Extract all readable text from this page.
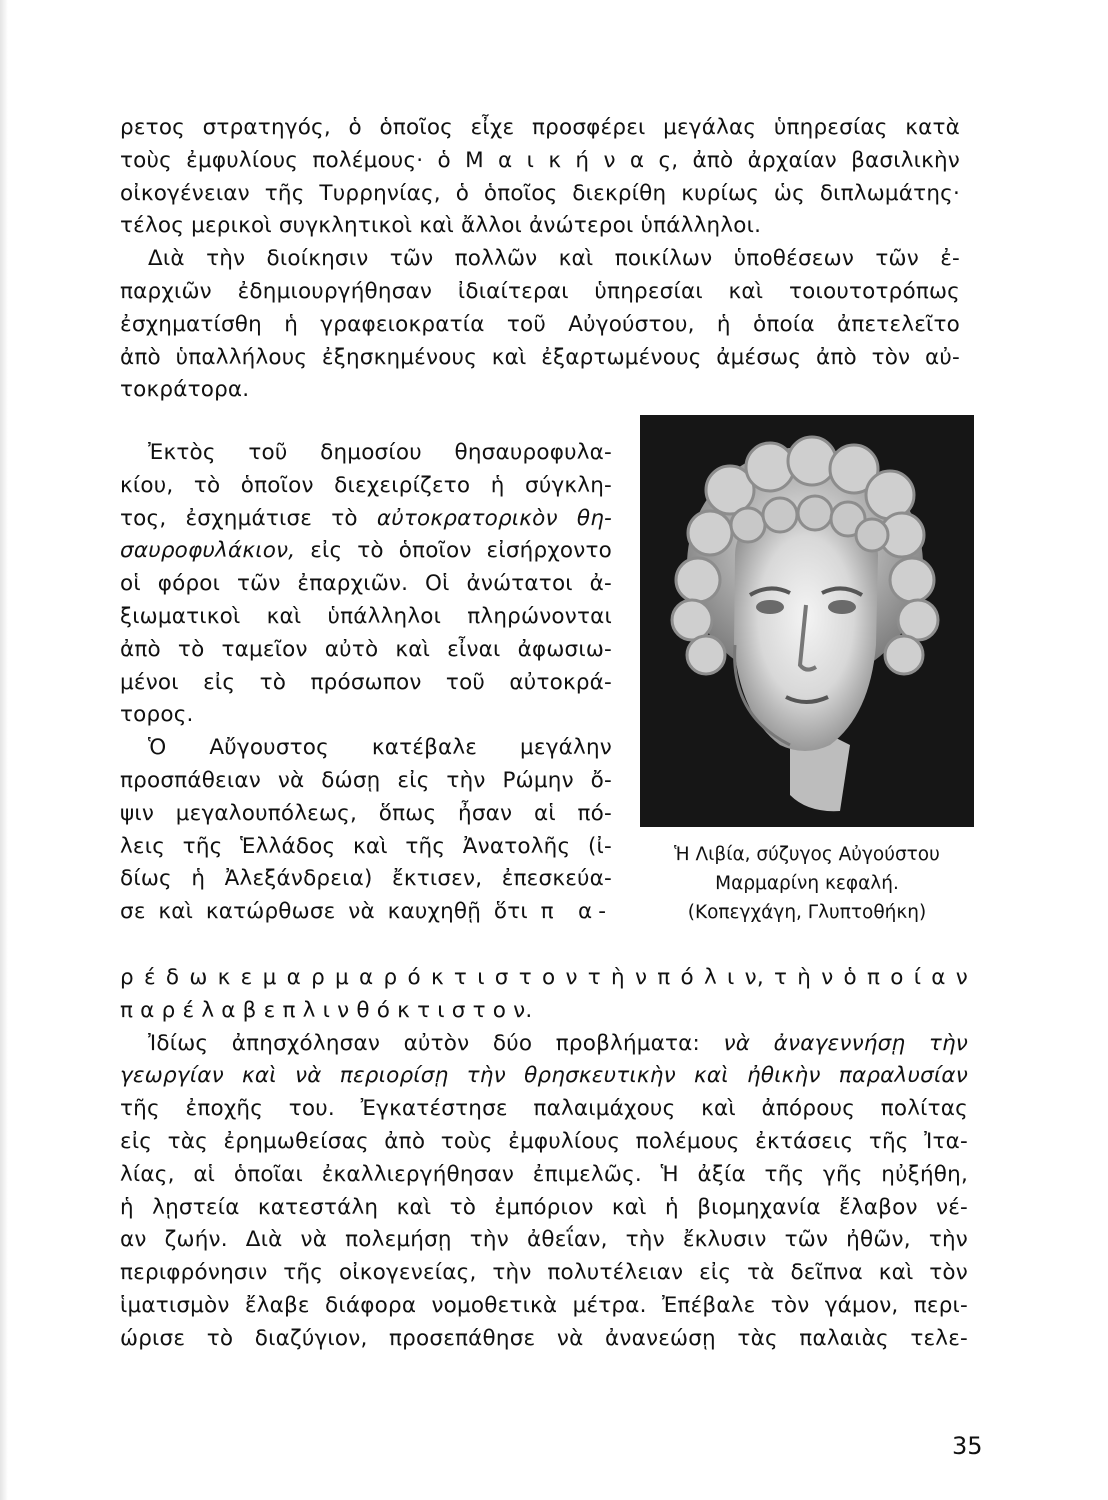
ρετος στρατηγός, ὁ ὁποῖος εἶχε προσφέρει μεγάλας ὑπηρεσίας κατὰ
τοὺς ἐμφυλίους πολέμους· ὁ Μ α ι κ ή ν α ς, ἀπὸ ἀρχαίαν βασιλικὴν
οἰκογένειαν τῆς Τυρρηνίας, ὁ ὁποῖος διεκρίθη κυρίως ὡς διπλωμάτης·
τέλος μερικοὶ συγκλητικοὶ καὶ ἄλλοι ἀνώτεροι ὑπάλληλοι.
Διὰ τὴν διοίκησιν τῶν πολλῶν καὶ ποικίλων ὑποθέσεων τῶν ἐ-
παρχιῶν ἐδημιουργήθησαν ἰδιαίτεραι ὑπηρεσίαι καὶ τοιουτοτρόπως
ἐσχηματίσθη ἡ γραφειοκρατία τοῦ Αὐγούστου, ἡ ὁποία ἀπετελεῖτο
ἀπὸ ὑπαλλήλους ἐξησκημένους καὶ ἐξαρτωμένους ἀμέσως ἀπὸ τὸν αὐ-
τοκράτορα.
Ἐκτὸς τοῦ δημοσίου θησαυροφυλα-
κίου, τὸ ὁποῖον διεχειρίζετο ἡ σύγκλη-
τος, ἐσχημάτισε τὸ αὐτοκρατορικὸν θη-
σαυροφυλάκιον, εἰς τὸ ὁποῖον εἰσήρχοντο
οἱ φόροι τῶν ἐπαρχιῶν. Οἱ ἀνώτατοι ἀ-
ξιωματικοὶ καὶ ὑπάλληλοι πληρώνονται
ἀπὸ τὸ ταμεῖον αὐτὸ καὶ εἶναι ἀφωσιω-
μένοι εἰς τὸ πρόσωπον τοῦ αὐτοκρά-
τορος.
Ὁ Αὔγουστος κατέβαλε μεγάλην
προσπάθειαν νὰ δώσῃ εἰς τὴν Ρώμην ὄ-
ψιν μεγαλουπόλεως, ὅπως ἦσαν αἱ πό-
λεις τῆς Ἑλλάδος καὶ τῆς Ἀνατολῆς (ἰ-
δίως ἡ Ἀλεξάνδρεια) ἔκτισεν, ἐπεσκεύα-
σε καὶ κατώρθωσε νὰ καυχηθῇ ὅτι π α-
Ἡ Λιβία, σύζυγος Αὐγούστου
Μαρμαρίνη κεφαλή.
(Κοπεγχάγη, Γλυπτοθήκη)
ρ έ δ ω κ ε μ α ρ μ α ρ ό κ τ ι σ τ ο ν τ ὴ ν π ό λ ι ν, τ ὴ ν ὁ π ο ί α ν
π α ρ έ λ α β ε π λ ι ν θ ό κ τ ι σ τ ο ν.
Ἰδίως ἀπησχόλησαν αὐτὸν δύο προβλήματα: νὰ ἀναγεννήσῃ τὴν
γεωργίαν καὶ νὰ περιορίσῃ τὴν θρησκευτικὴν καὶ ἠθικὴν παραλυσίαν
τῆς ἐποχῆς του. Ἐγκατέστησε παλαιμάχους καὶ ἀπόρους πολίτας
εἰς τὰς ἐρημωθείσας ἀπὸ τοὺς ἐμφυλίους πολέμους ἐκτάσεις τῆς Ἰτα-
λίας, αἱ ὁποῖαι ἐκαλλιεργήθησαν ἐπιμελῶς. Ἡ ἀξία τῆς γῆς ηὐξήθη,
ἡ λῃστεία κατεστάλη καὶ τὸ ἐμπόριον καὶ ἡ βιομηχανία ἔλαβον νέ-
αν ζωήν. Διὰ νὰ πολεμήσῃ τὴν ἀθεΐαν, τὴν ἔκλυσιν τῶν ἠθῶν, τὴν
περιφρόνησιν τῆς οἰκογενείας, τὴν πολυτέλειαν εἰς τὰ δεῖπνα καὶ τὸν
ἱματισμὸν ἔλαβε διάφορα νομοθετικὰ μέτρα. Ἐπέβαλε τὸν γάμον, περι-
ώρισε τὸ διαζύγιον, προσεπάθησε νὰ ἀνανεώσῃ τὰς παλαιὰς τελε-
35
